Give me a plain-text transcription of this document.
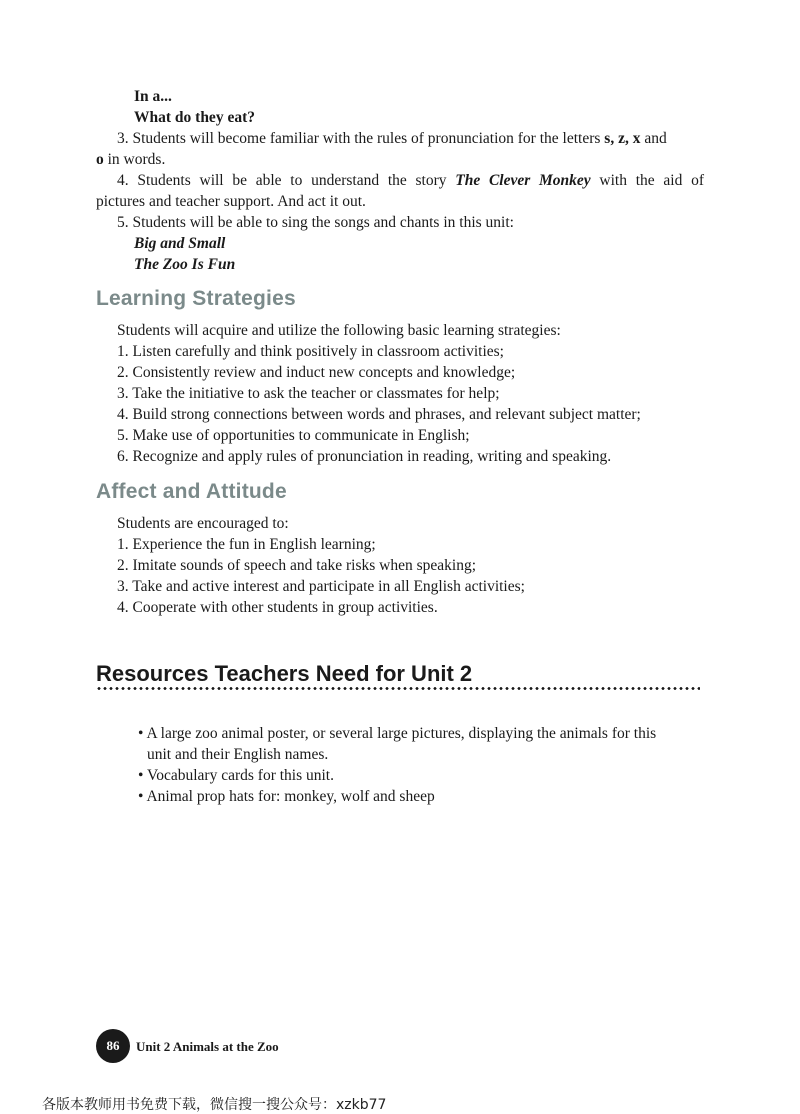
In a...
What do they eat?
3. Students will become familiar with the rules of pronunciation for the letters s, z, x and
o in words.
4. Students will be able to understand the story The Clever Monkey with the aid of
pictures and teacher support. And act it out.
5. Students will be able to sing the songs and chants in this unit:
Big and Small
The Zoo Is Fun
Learning Strategies
Students will acquire and utilize the following basic learning strategies:
1. Listen carefully and think positively in classroom activities;
2. Consistently review and induct new concepts and knowledge;
3. Take the initiative to ask the teacher or classmates for help;
4. Build strong connections between words and phrases, and relevant subject matter;
5. Make use of opportunities to communicate in English;
6. Recognize and apply rules of pronunciation in reading, writing and speaking.
Affect and Attitude
Students are encouraged to:
1. Experience the fun in English learning;
2. Imitate sounds of speech and take risks when speaking;
3. Take and active interest and participate in all English activities;
4. Cooperate with other students in group activities.
Resources Teachers Need for Unit 2
• A large zoo animal poster, or several large pictures, displaying the animals for this
unit and their English names.
• Vocabulary cards for this unit.
• Animal prop hats for: monkey, wolf and sheep
86	Unit 2 Animals at the Zoo
各版本教师用书免费下载，微信搜一搜公众号：xzkb77
